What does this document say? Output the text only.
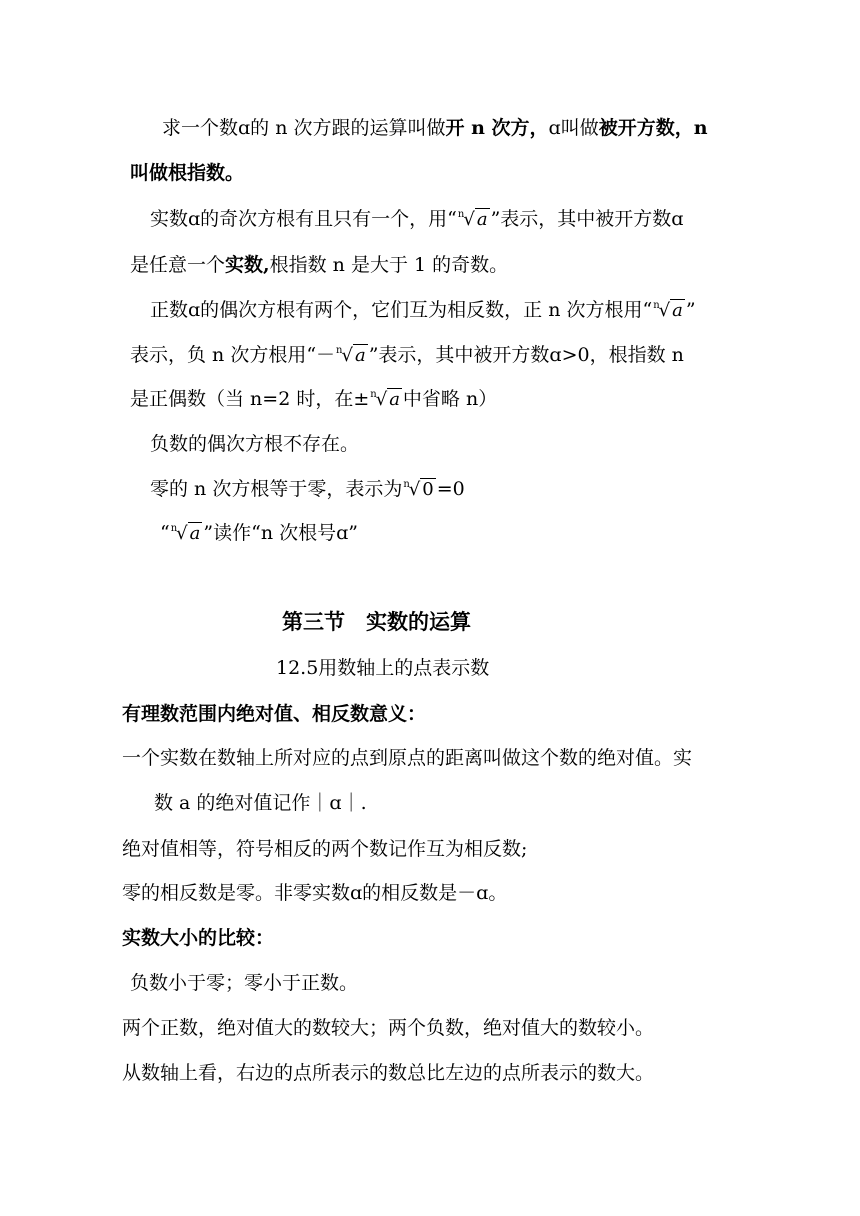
求一个数ɑ的 n 次方跟的运算叫做开 n 次方，ɑ叫做被开方数，n
叫做根指数。
实数ɑ的奇次方根有且只有一个，用“$^n$√ a ”表示，其中被开方数ɑ
是任意一个实数,根指数 n 是大于 1 的奇数。
正数ɑ的偶次方根有两个，它们互为相反数，正 n 次方根用“$^n$√ a ”
表示，负 n 次方根用“－$^n$√ a ”表示，其中被开方数ɑ>0，根指数 n
是正偶数（当 n=2 时，在±$^n$√ a 中省略 n）
负数的偶次方根不存在。
零的 n 次方根等于零，表示为$^n$√ 0 =0
“$^n$√ a ”读作“n 次根号ɑ”
第三节　实数的运算
12.5用数轴上的点表示数
有理数范围内绝对值、相反数意义：
一个实数在数轴上所对应的点到原点的距离叫做这个数的绝对值。实
数 a 的绝对值记作｜ɑ｜.
绝对值相等，符号相反的两个数记作互为相反数;
零的相反数是零。非零实数ɑ的相反数是－ɑ。
实数大小的比较：
负数小于零；零小于正数。
两个正数，绝对值大的数较大；两个负数，绝对值大的数较小。
从数轴上看，右边的点所表示的数总比左边的点所表示的数大。
